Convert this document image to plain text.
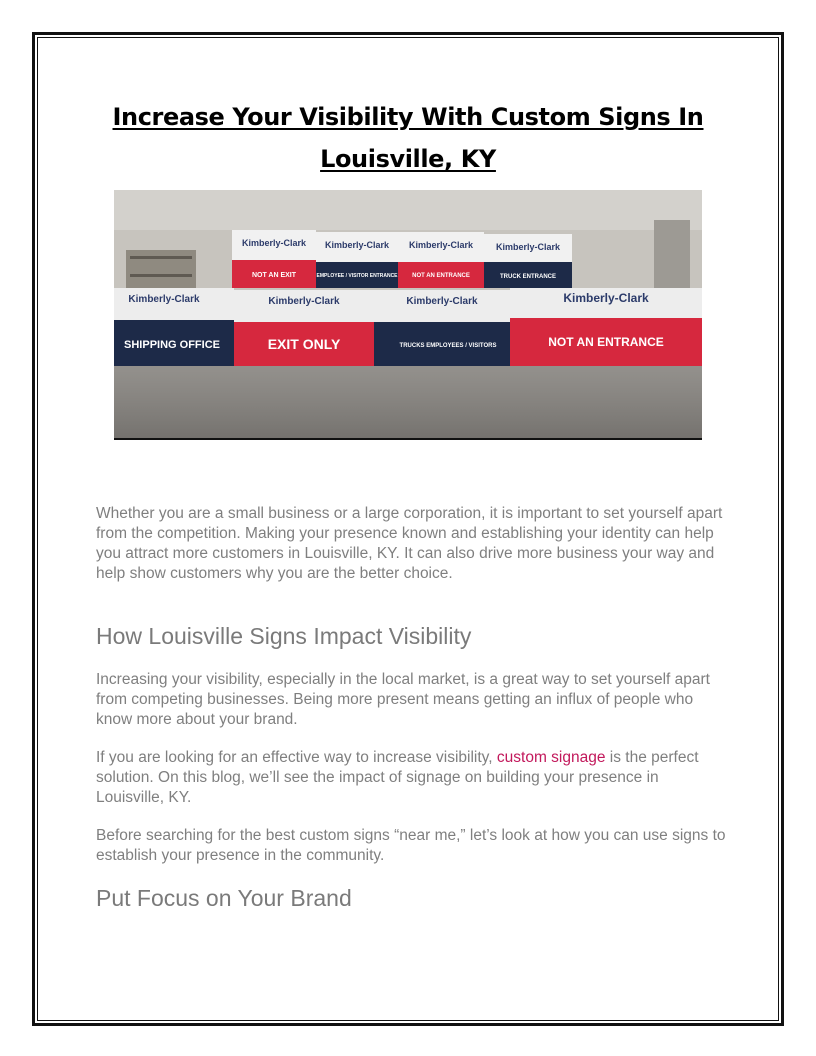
Increase Your Visibility With Custom Signs In
Louisville, KY
Kimberly-Clark
NOT AN EXIT
Kimberly-Clark
EMPLOYEE / VISITOR ENTRANCE
Kimberly-Clark
NOT AN ENTRANCE
Kimberly-Clark
TRUCK ENTRANCE
Kimberly-Clark
SHIPPING OFFICE
Kimberly-Clark
EXIT ONLY
Kimberly-Clark
TRUCKS EMPLOYEES / VISITORS
Kimberly-Clark
NOT AN ENTRANCE

Whether you are a small business or a large corporation, it is important to set yourself apart from the competition. Making your presence known and establishing your identity can help you attract more customers in Louisville, KY. It can also drive more business your way and help show customers why you are the better choice.

How Louisville Signs Impact Visibility

Increasing your visibility, especially in the local market, is a great way to set yourself apart from competing businesses. Being more present means getting an influx of people who know more about your brand.

If you are looking for an effective way to increase visibility, custom signage is the perfect solution. On this blog, we’ll see the impact of signage on building your presence in Louisville, KY.

Before searching for the best custom signs “near me,” let’s look at how you can use signs to establish your presence in the community.

Put Focus on Your Brand
